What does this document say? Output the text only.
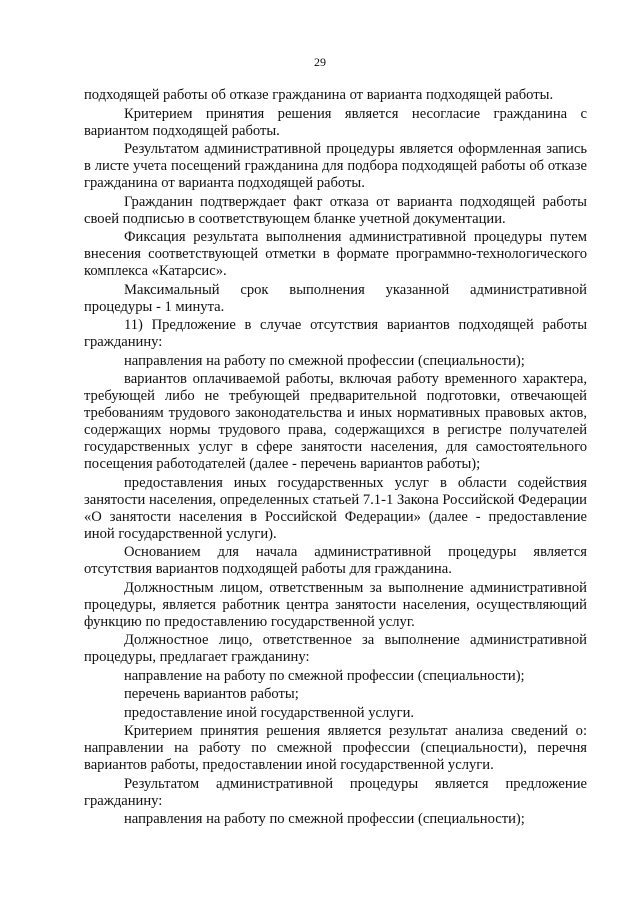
29

подходящей работы об отказе гражданина от варианта подходящей работы.

Критерием принятия решения является несогласие гражданина с вариантом подходящей работы.

Результатом административной процедуры является оформленная запись в листе учета посещений гражданина для подбора подходящей работы об отказе гражданина от варианта подходящей работы.

Гражданин подтверждает факт отказа от варианта подходящей работы своей подписью в соответствующем бланке учетной документации.

Фиксация результата выполнения административной процедуры путем внесения соответствующей отметки в формате программно-технологического комплекса «Катарсис».

Максимальный срок выполнения указанной административной процедуры - 1 минута.

11) Предложение в случае отсутствия вариантов подходящей работы гражданину:

направления на работу по смежной профессии (специальности);

вариантов оплачиваемой работы, включая работу временного характера, требующей либо не требующей предварительной подготовки, отвечающей требованиям трудового законодательства и иных нормативных правовых актов, содержащих нормы трудового права, содержащихся в регистре получателей государственных услуг в сфере занятости населения, для самостоятельного посещения работодателей (далее - перечень вариантов работы);

предоставления иных государственных услуг в области содействия занятости населения, определенных статьей 7.1-1 Закона Российской Федерации «О занятости населения в Российской Федерации» (далее - предоставление иной государственной услуги).

Основанием для начала административной процедуры является отсутствия вариантов подходящей работы для гражданина.

Должностным лицом, ответственным за выполнение административной процедуры, является работник центра занятости населения, осуществляющий функцию по предоставлению государственной услуг.

Должностное лицо, ответственное за выполнение административной процедуры, предлагает гражданину:

направление на работу по смежной профессии (специальности);

перечень вариантов работы;

предоставление иной государственной услуги.

Критерием принятия решения является результат анализа сведений о: направлении на работу по смежной профессии (специальности), перечня вариантов работы, предоставлении иной государственной услуги.

Результатом административной процедуры является предложение гражданину:

направления на работу по смежной профессии (специальности);
